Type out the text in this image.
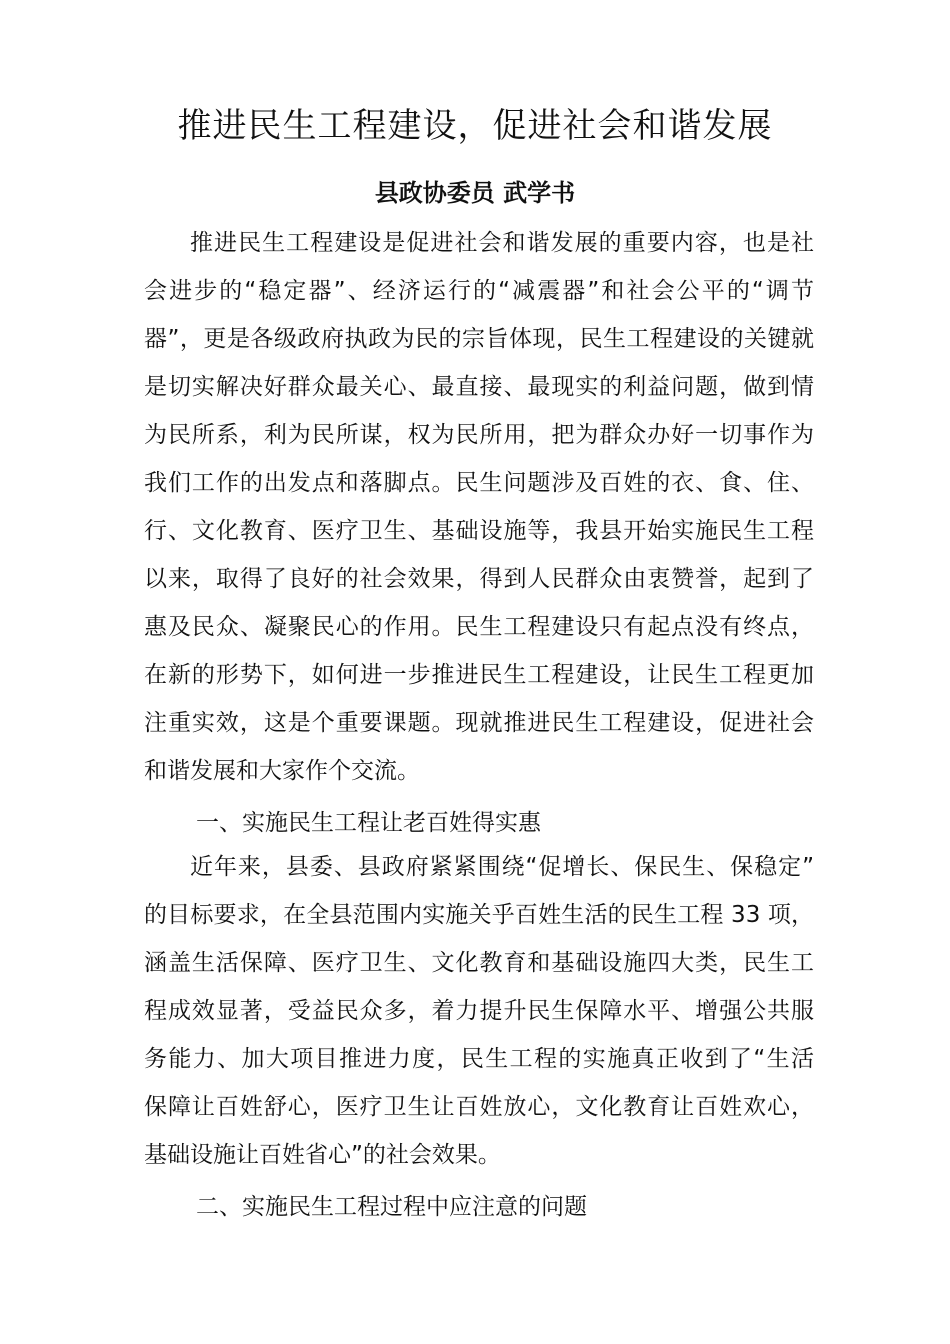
推进民生工程建设，促进社会和谐发展
县政协委员 武学书
推进民生工程建设是促进社会和谐发展的重要内容，也是社
会进步的“稳定器”、经济运行的“减震器”和社会公平的“调节
器”，更是各级政府执政为民的宗旨体现，民生工程建设的关键就
是切实解决好群众最关心、最直接、最现实的利益问题，做到情
为民所系，利为民所谋，权为民所用，把为群众办好一切事作为
我们工作的出发点和落脚点。民生问题涉及百姓的衣、食、住、
行、文化教育、医疗卫生、基础设施等，我县开始实施民生工程
以来，取得了良好的社会效果，得到人民群众由衷赞誉，起到了
惠及民众、凝聚民心的作用。民生工程建设只有起点没有终点，
在新的形势下，如何进一步推进民生工程建设，让民生工程更加
注重实效，这是个重要课题。现就推进民生工程建设，促进社会
和谐发展和大家作个交流。
一、实施民生工程让老百姓得实惠
近年来，县委、县政府紧紧围绕“促增长、保民生、保稳定”
的目标要求，在全县范围内实施关乎百姓生活的民生工程 33 项，
涵盖生活保障、医疗卫生、文化教育和基础设施四大类，民生工
程成效显著，受益民众多，着力提升民生保障水平、增强公共服
务能力、加大项目推进力度，民生工程的实施真正收到了“生活
保障让百姓舒心，医疗卫生让百姓放心，文化教育让百姓欢心，
基础设施让百姓省心”的社会效果。
二、实施民生工程过程中应注意的问题
